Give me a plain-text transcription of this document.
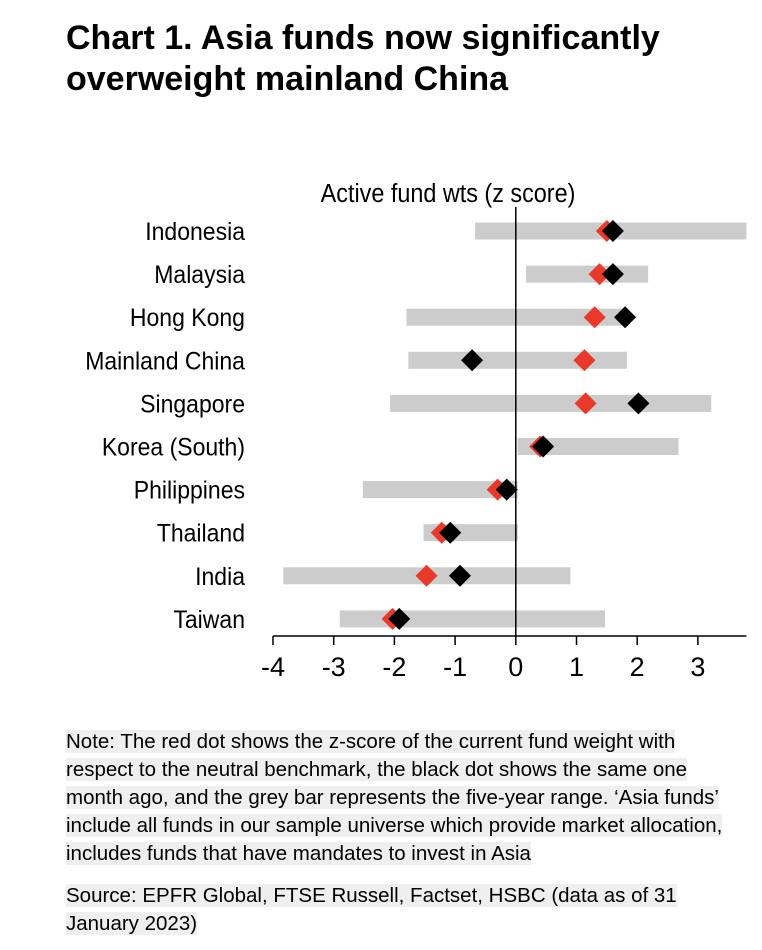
Chart 1. Asia funds now significantly overweight mainland China
Active fund wts (z score)
Indonesia
Malaysia
Hong Kong
Mainland China
Singapore
Korea (South)
Philippines
Thailand
India
Taiwan
-4 -3 -2 -1 0 1 2 3
Note: The red dot shows the z-score of the current fund weight with respect to the neutral benchmark, the black dot shows the same one month ago, and the grey bar represents the five-year range. ‘Asia funds’ include all funds in our sample universe which provide market allocation, includes funds that have mandates to invest in Asia
Source: EPFR Global, FTSE Russell, Factset, HSBC (data as of 31 January 2023)
